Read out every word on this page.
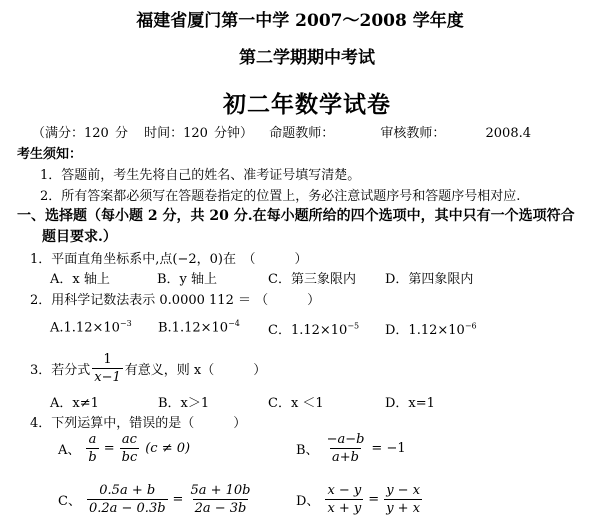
福建省厦门第一中学 2007～2008 学年度
第二学期期中考试
初二年数学试卷
（满分：120 分 时间：120 分钟） 命题教师：	审核教师：	2008.4
考生须知：
1．答题前，考生先将自己的姓名、准考证号填写清楚。
2．所有答案都必须写在答题卷指定的位置上，务必注意试题序号和答题序号相对应.
一、选择题（每小题 2 分，共 20 分.在每小题所给的四个选项中，其中只有一个选项符合
题目要求.）
1．平面直角坐标系中,点(−2，0)在　（　　　）
A．x 轴上	B．y 轴上	C．第三象限内 D．第四象限内
2．用科学记数法表示 0.0000 112 ＝ （　　　）
$A.1.12\times 10^{-3}$ $B.1.12\times 10^{-4}$ C．$1.12\times 10^{-5}$ D．$1.12\times 10^{-6}$
3．若分式 $\frac{1}{x-1}$ 有意义，则 x（　　　）
A．x≠1	B．x＞1	C．x ＜1	D．x=1
4．下列运算中，错误的是（　　　）
A、 $\frac{a}{b} = \frac{ac}{bc} (c \ne 0)$	B、 $\frac{-a-b}{a+b} = -1$
C、 $\frac{0.5a + b}{0.2a - 0.3b} = \frac{5a + 10b}{2a - 3b}$	D、 $\frac{x - y}{x + y} = \frac{y - x}{y + x}$
